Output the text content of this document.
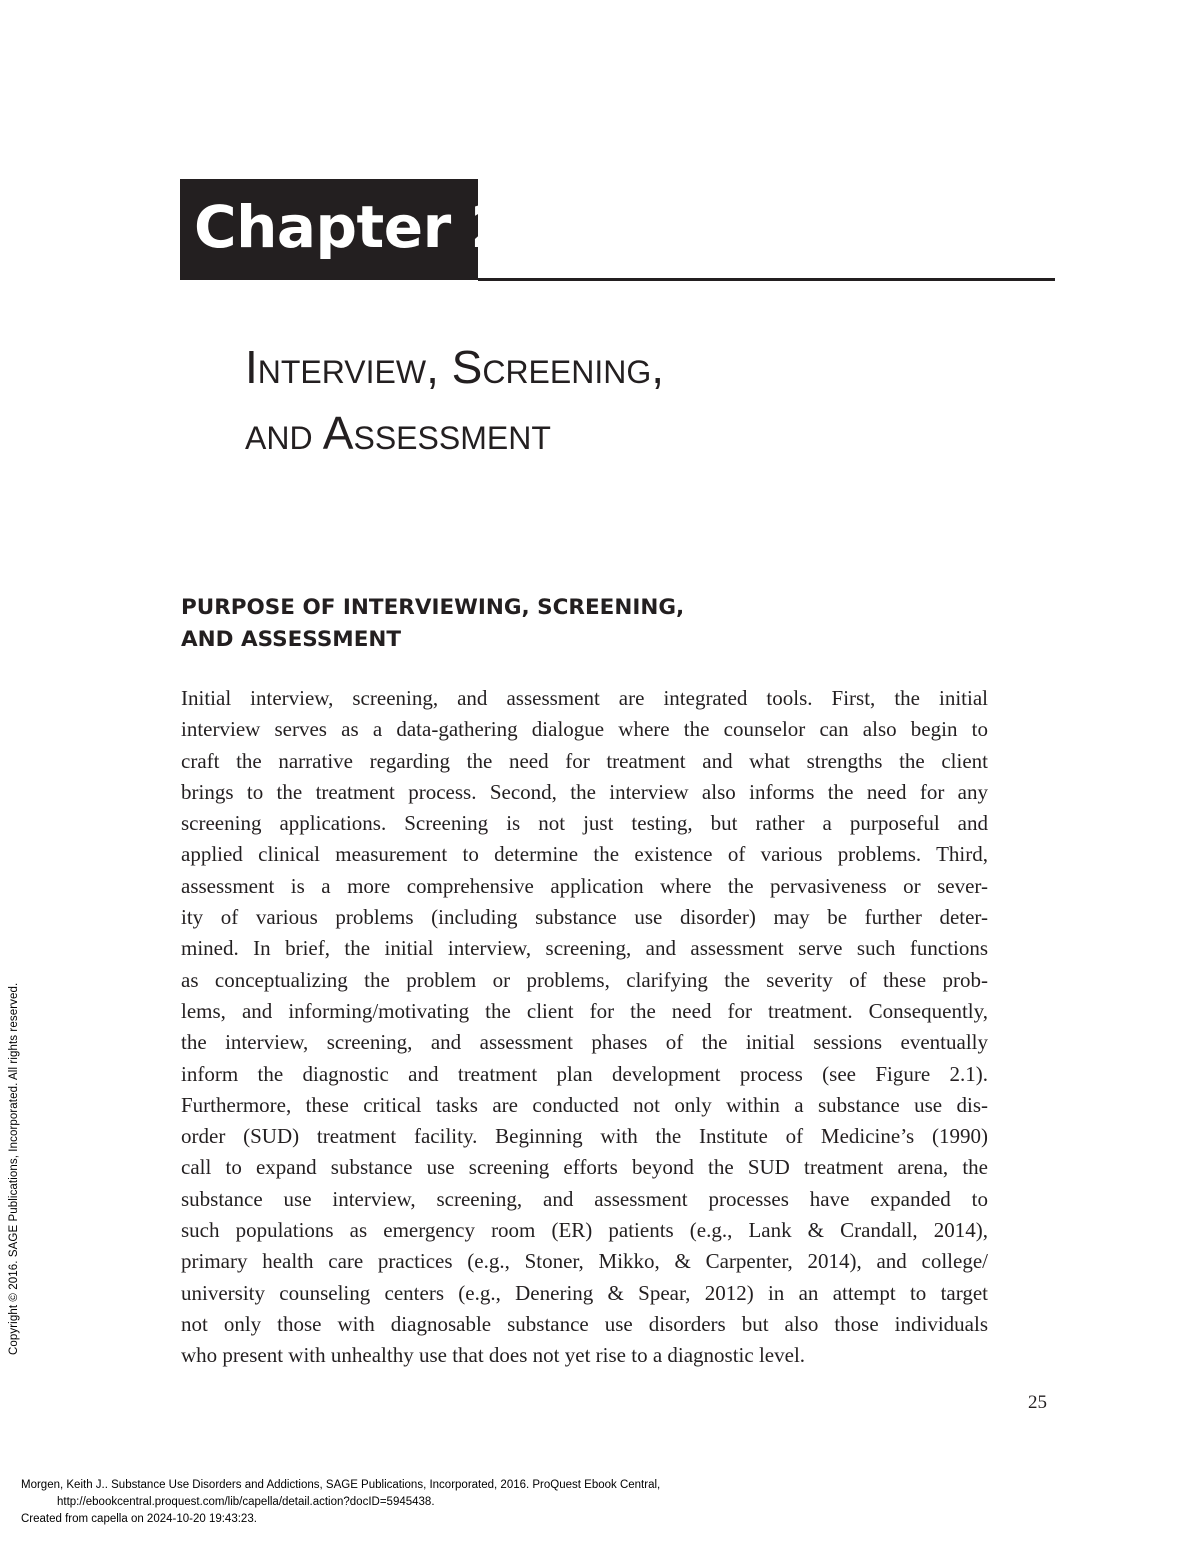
Chapter 2
Interview, Screening,
and Assessment
PURPOSE OF INTERVIEWING, SCREENING,
AND ASSESSMENT
Initial interview, screening, and assessment are integrated tools. First, the initial
interview serves as a data-gathering dialogue where the counselor can also begin to
craft the narrative regarding the need for treatment and what strengths the client
brings to the treatment process. Second, the interview also informs the need for any
screening applications. Screening is not just testing, but rather a purposeful and
applied clinical measurement to determine the existence of various problems. Third,
assessment is a more comprehensive application where the pervasiveness or sever-
ity of various problems (including substance use disorder) may be further deter-
mined. In brief, the initial interview, screening, and assessment serve such functions
as conceptualizing the problem or problems, clarifying the severity of these prob-
lems, and informing/motivating the client for the need for treatment. Consequently,
the interview, screening, and assessment phases of the initial sessions eventually
inform the diagnostic and treatment plan development process (see Figure 2.1).
Furthermore, these critical tasks are conducted not only within a substance use dis-
order (SUD) treatment facility. Beginning with the Institute of Medicine’s (1990)
call to expand substance use screening efforts beyond the SUD treatment arena, the
substance use interview, screening, and assessment processes have expanded to
such populations as emergency room (ER) patients (e.g., Lank & Crandall, 2014),
primary health care practices (e.g., Stoner, Mikko, & Carpenter, 2014), and college/
university counseling centers (e.g., Denering & Spear, 2012) in an attempt to target
not only those with diagnosable substance use disorders but also those individuals
who present with unhealthy use that does not yet rise to a diagnostic level.
25
Copyright © 2016. SAGE Publications, Incorporated. All rights reserved.
Morgen, Keith J.. Substance Use Disorders and Addictions, SAGE Publications, Incorporated, 2016. ProQuest Ebook Central,
http://ebookcentral.proquest.com/lib/capella/detail.action?docID=5945438.
Created from capella on 2024-10-20 19:43:23.
